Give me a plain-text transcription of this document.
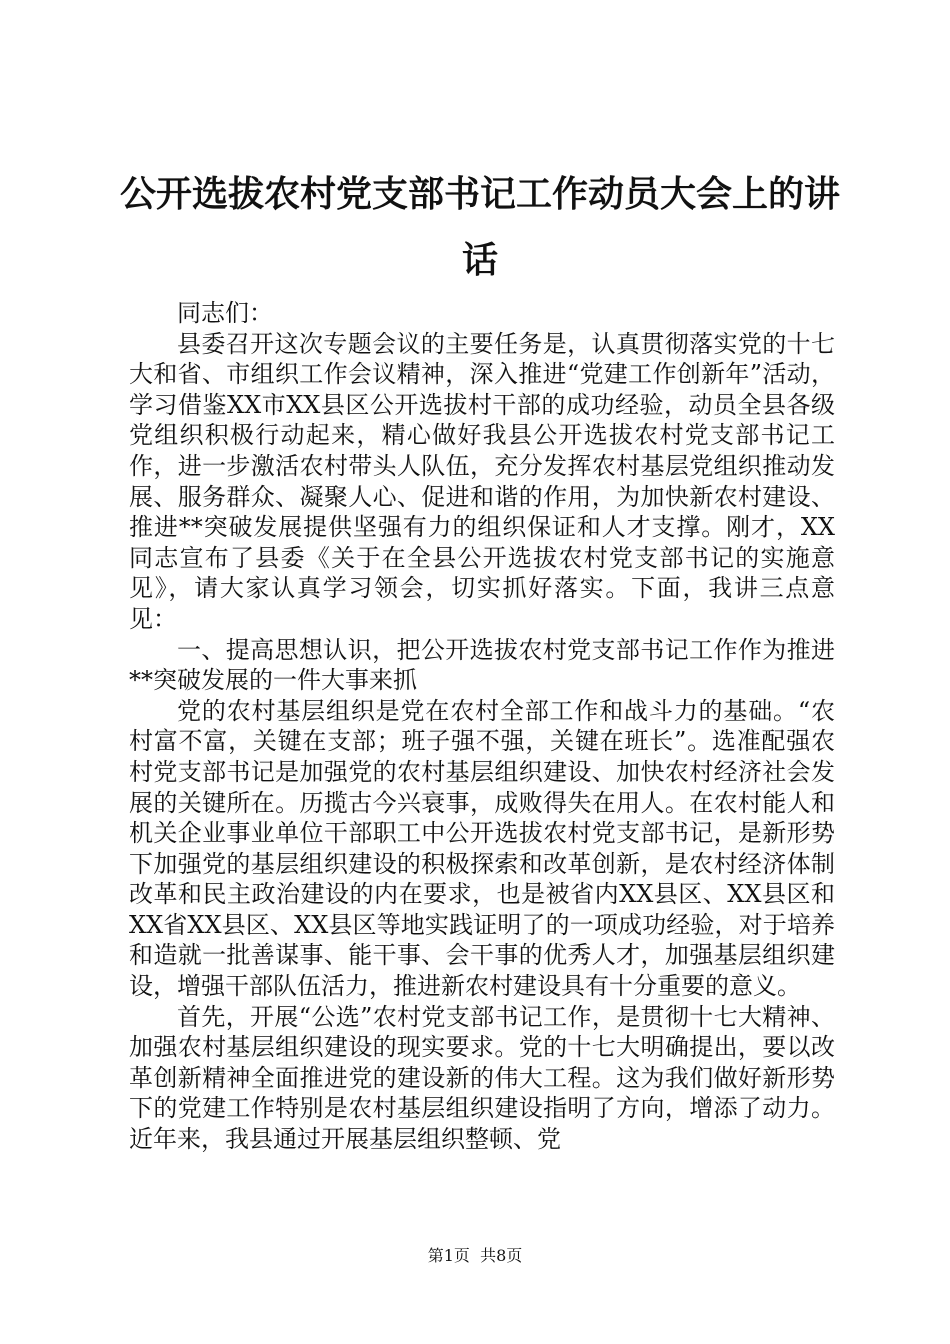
公开选拔农村党支部书记工作动员大会上的讲话

同志们：

县委召开这次专题会议的主要任务是，认真贯彻落实党的十七大和省、市组织工作会议精神，深入推进“党建工作创新年”活动，学习借鉴XX市XX县区公开选拔村干部的成功经验，动员全县各级党组织积极行动起来，精心做好我县公开选拔农村党支部书记工作，进一步激活农村带头人队伍，充分发挥农村基层党组织推动发展、服务群众、凝聚人心、促进和谐的作用，为加快新农村建设、推进**突破发展提供坚强有力的组织保证和人才支撑。刚才，XX同志宣布了县委《关于在全县公开选拔农村党支部书记的实施意见》，请大家认真学习领会，切实抓好落实。下面，我讲三点意见：

一、提高思想认识，把公开选拔农村党支部书记工作作为推进**突破发展的一件大事来抓

党的农村基层组织是党在农村全部工作和战斗力的基础。“农村富不富，关键在支部；班子强不强，关键在班长”。选准配强农村党支部书记是加强党的农村基层组织建设、加快农村经济社会发展的关键所在。历揽古今兴衰事，成败得失在用人。在农村能人和机关企业事业单位干部职工中公开选拔农村党支部书记，是新形势下加强党的基层组织建设的积极探索和改革创新，是农村经济体制改革和民主政治建设的内在要求，也是被省内XX县区、XX县区和XX省XX县区、XX县区等地实践证明了的一项成功经验，对于培养和造就一批善谋事、能干事、会干事的优秀人才，加强基层组织建设，增强干部队伍活力，推进新农村建设具有十分重要的意义。

首先，开展“公选”农村党支部书记工作，是贯彻十七大精神、加强农村基层组织建设的现实要求。党的十七大明确提出，要以改革创新精神全面推进党的建设新的伟大工程。这为我们做好新形势下的党建工作特别是农村基层组织建设指明了方向，增添了动力。近年来，我县通过开展基层组织整顿、党

第1页 共8页
